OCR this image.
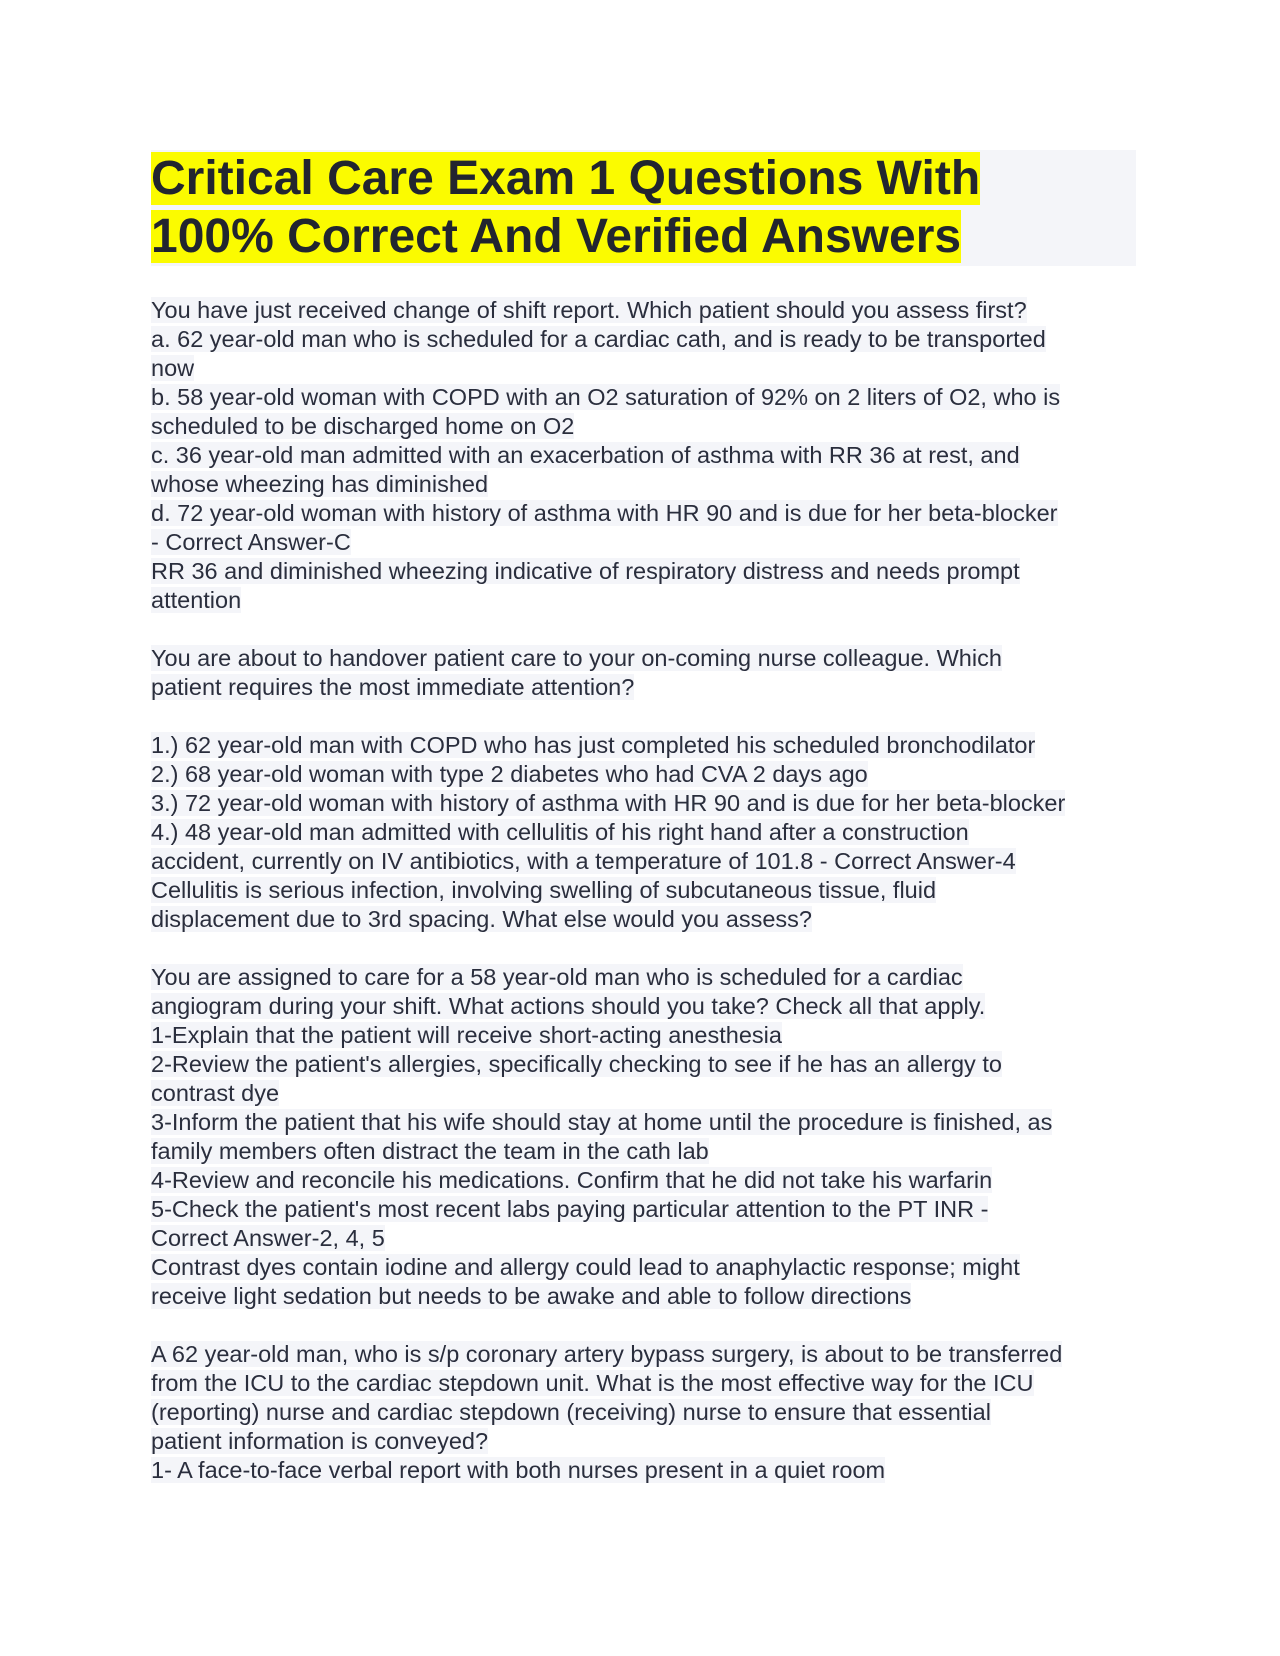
Critical Care Exam 1 Questions With
100% Correct And Verified Answers
You have just received change of shift report. Which patient should you assess first?
a. 62 year-old man who is scheduled for a cardiac cath, and is ready to be transported
now
b. 58 year-old woman with COPD with an O2 saturation of 92% on 2 liters of O2, who is
scheduled to be discharged home on O2
c. 36 year-old man admitted with an exacerbation of asthma with RR 36 at rest, and
whose wheezing has diminished
d. 72 year-old woman with history of asthma with HR 90 and is due for her beta-blocker
- Correct Answer-C
RR 36 and diminished wheezing indicative of respiratory distress and needs prompt
attention
You are about to handover patient care to your on-coming nurse colleague. Which
patient requires the most immediate attention?
1.) 62 year-old man with COPD who has just completed his scheduled bronchodilator
2.) 68 year-old woman with type 2 diabetes who had CVA 2 days ago
3.) 72 year-old woman with history of asthma with HR 90 and is due for her beta-blocker
4.) 48 year-old man admitted with cellulitis of his right hand after a construction
accident, currently on IV antibiotics, with a temperature of 101.8 - Correct Answer-4
Cellulitis is serious infection, involving swelling of subcutaneous tissue, fluid
displacement due to 3rd spacing. What else would you assess?
You are assigned to care for a 58 year-old man who is scheduled for a cardiac
angiogram during your shift. What actions should you take? Check all that apply.
1-Explain that the patient will receive short-acting anesthesia
2-Review the patient's allergies, specifically checking to see if he has an allergy to
contrast dye
3-Inform the patient that his wife should stay at home until the procedure is finished, as
family members often distract the team in the cath lab
4-Review and reconcile his medications. Confirm that he did not take his warfarin
5-Check the patient's most recent labs paying particular attention to the PT INR -
Correct Answer-2, 4, 5
Contrast dyes contain iodine and allergy could lead to anaphylactic response; might
receive light sedation but needs to be awake and able to follow directions
A 62 year-old man, who is s/p coronary artery bypass surgery, is about to be transferred
from the ICU to the cardiac stepdown unit. What is the most effective way for the ICU
(reporting) nurse and cardiac stepdown (receiving) nurse to ensure that essential
patient information is conveyed?
1- A face-to-face verbal report with both nurses present in a quiet room
